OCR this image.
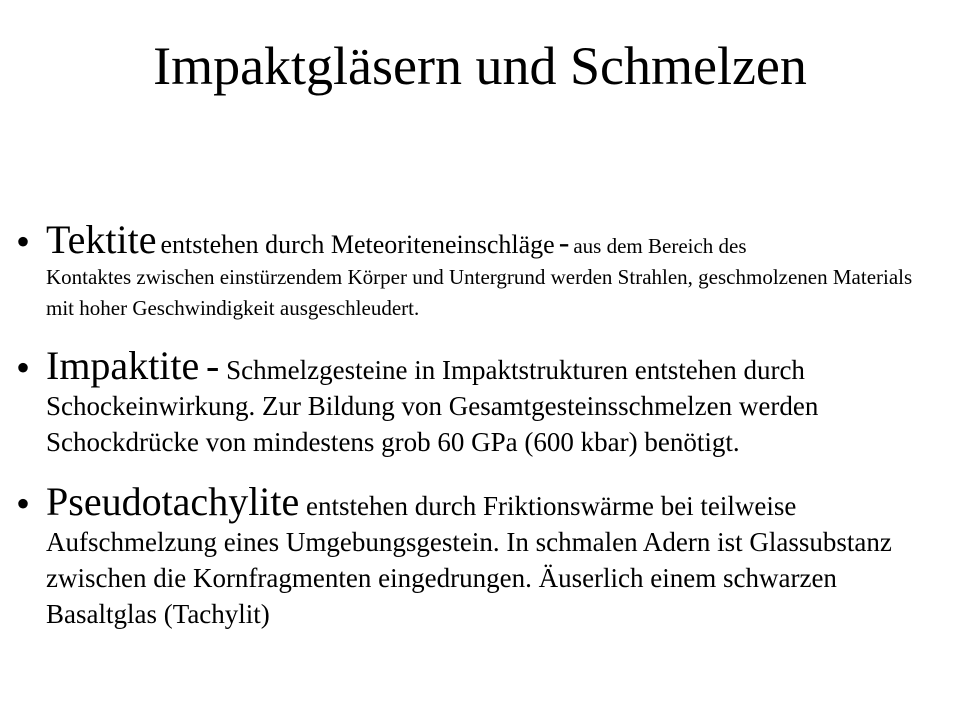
Impaktgläsern und Schmelzen
• Tektite entstehen durch Meteoriteneinschläge - aus dem Bereich des
Kontaktes zwischen einstürzendem Körper und Untergrund werden Strahlen, geschmolzenen Materials mit hoher Geschwindigkeit ausgeschleudert.
• Impaktite - Schmelzgesteine in Impaktstrukturen entstehen durch
Schockeinwirkung. Zur Bildung von Gesamtgesteinsschmelzen werden Schockdrücke von mindestens grob 60 GPa (600 kbar) benötigt.
• Pseudotachylite entstehen durch Friktionswärme bei teilweise
Aufschmelzung eines Umgebungsgestein. In schmalen Adern ist Glassubstanz zwischen die Kornfragmenten eingedrungen. Äuserlich einem schwarzen Basaltglas (Tachylit)
